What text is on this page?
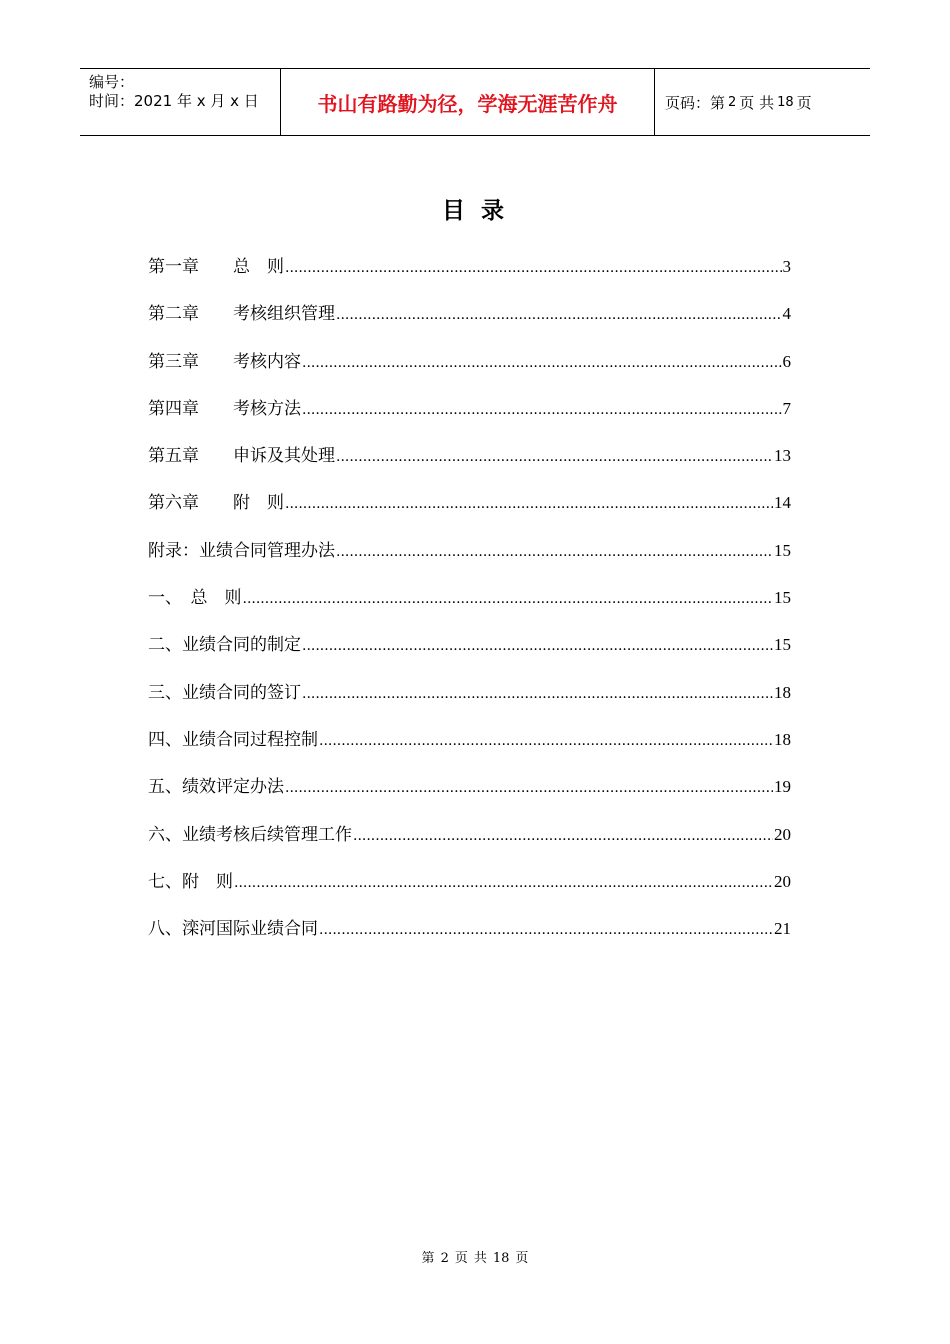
编号：
时间：2021 年 x 月 x 日	书山有路勤为径，学海无涯苦作舟	页码：第 2 页 共 18 页
目 录
第一章　　总　则 .....	3
第二章　　考核组织管理 .....	4
第三章　　考核内容 .....	6
第四章　　考核方法 .....	7
第五章　　申诉及其处理 .....	13
第六章　　附　则 .....	14
附录：业绩合同管理办法 .....	15
一、　总　则 .....	15
二、业绩合同的制定 .....	15
三、业绩合同的签订 .....	18
四、业绩合同过程控制 .....	18
五、绩效评定办法 .....	19
六、业绩考核后续管理工作 .....	20
七、附　则 .....	20
八、滦河国际业绩合同 .....	21
第 2 页 共 18 页
